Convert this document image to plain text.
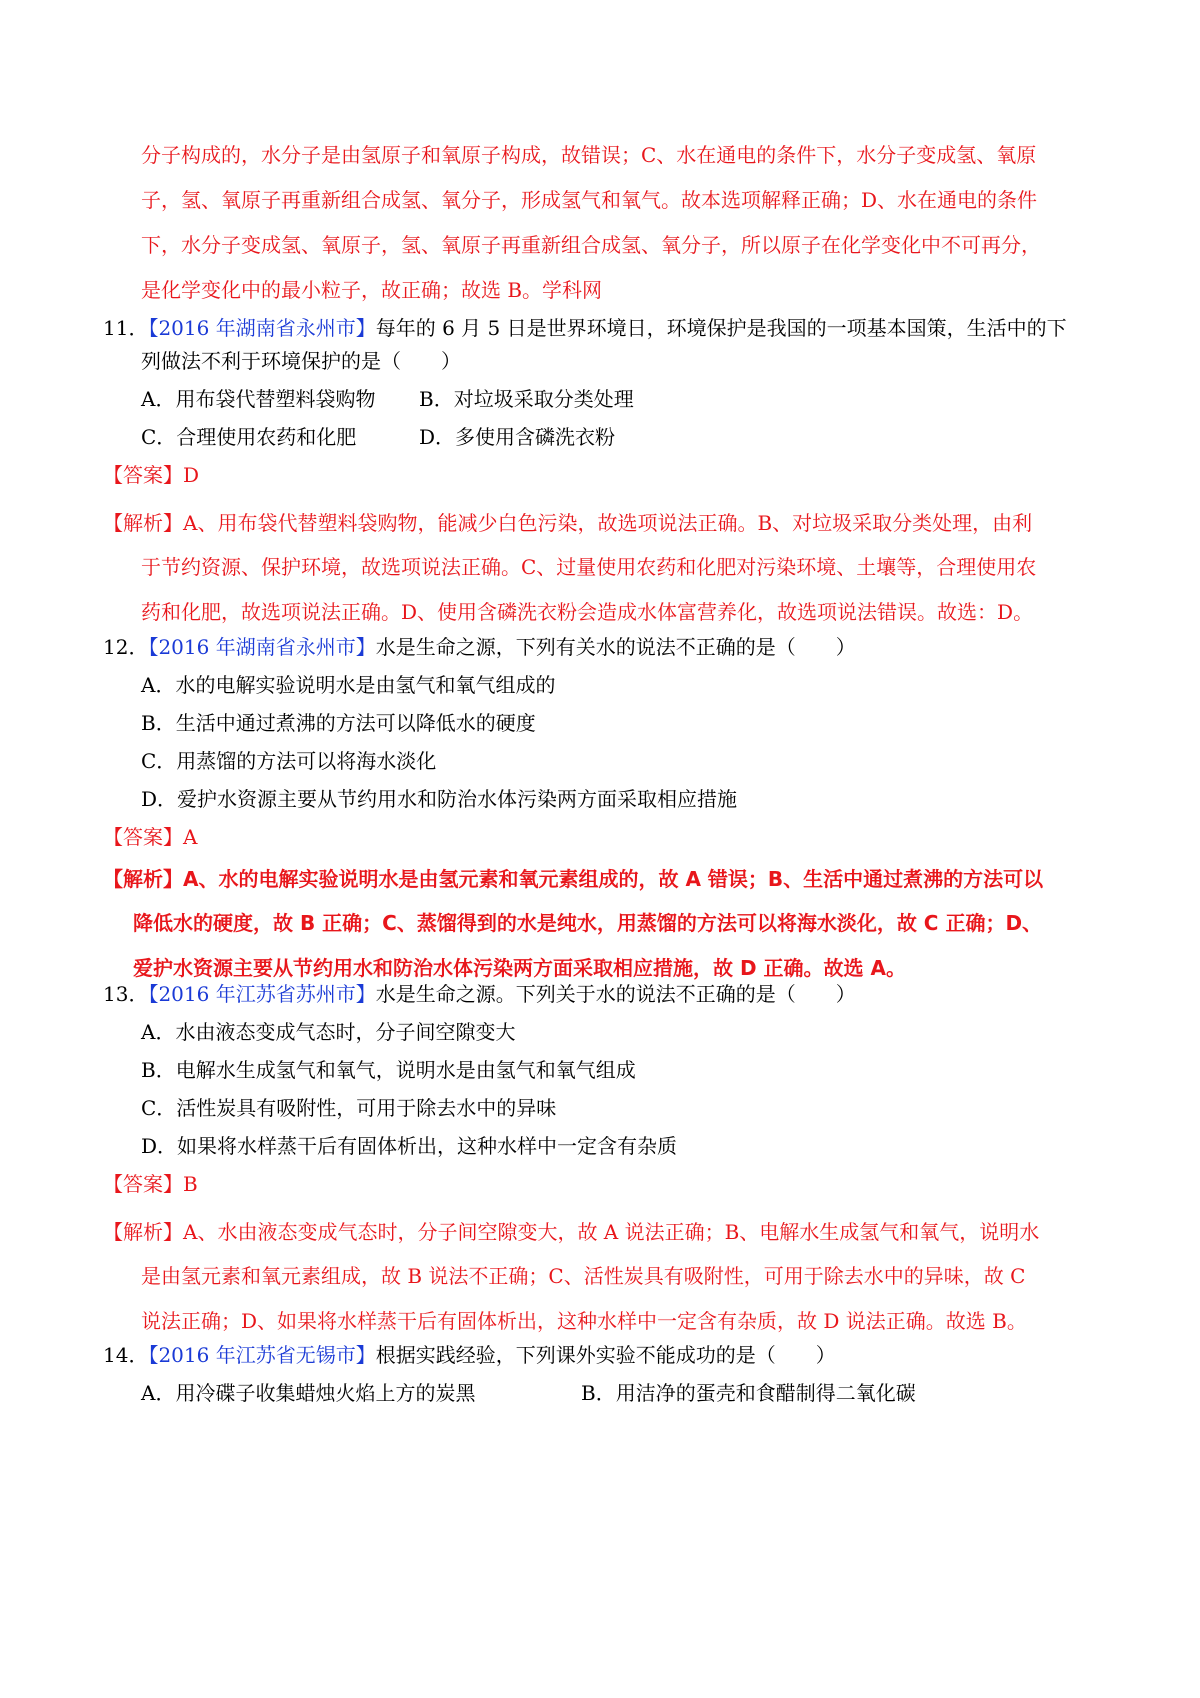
分子构成的，水分子是由氢原子和氧原子构成，故错误；C、水在通电的条件下，水分子变成氢、氧原
子，氢、氧原子再重新组合成氢、氧分子，形成氢气和氧气。故本选项解释正确；D、水在通电的条件
下，水分子变成氢、氧原子，氢、氧原子再重新组合成氢、氧分子，所以原子在化学变化中不可再分，
是化学变化中的最小粒子，故正确；故选 B。学科网
11．【2016 年湖南省永州市】每年的 6 月 5 日是世界环境日，环境保护是我国的一项基本国策，生活中的下
列做法不利于环境保护的是（　　）
A．用布袋代替塑料袋购物 B．对垃圾采取分类处理
C．合理使用农药和化肥	D．多使用含磷洗衣粉
【答案】D
【解析】A、用布袋代替塑料袋购物，能减少白色污染，故选项说法正确。B、对垃圾采取分类处理，由利
于节约资源、保护环境，故选项说法正确。C、过量使用农药和化肥对污染环境、土壤等，合理使用农
药和化肥，故选项说法正确。D、使用含磷洗衣粉会造成水体富营养化，故选项说法错误。故选：D。
12．【2016 年湖南省永州市】水是生命之源，下列有关水的说法不正确的是（　　）
A．水的电解实验说明水是由氢气和氧气组成的
B．生活中通过煮沸的方法可以降低水的硬度
C．用蒸馏的方法可以将海水淡化
D．爱护水资源主要从节约用水和防治水体污染两方面采取相应措施
【答案】A
【解析】A、水的电解实验说明水是由氢元素和氧元素组成的，故 A 错误；B、生活中通过煮沸的方法可以
降低水的硬度，故 B 正确；C、蒸馏得到的水是纯水，用蒸馏的方法可以将海水淡化，故 C 正确；D、
爱护水资源主要从节约用水和防治水体污染两方面采取相应措施，故 D 正确。故选 A。
13．【2016 年江苏省苏州市】水是生命之源。下列关于水的说法不正确的是（　　）
A．水由液态变成气态时，分子间空隙变大
B．电解水生成氢气和氧气，说明水是由氢气和氧气组成
C．活性炭具有吸附性，可用于除去水中的异味
D．如果将水样蒸干后有固体析出，这种水样中一定含有杂质
【答案】B
【解析】A、水由液态变成气态时，分子间空隙变大，故 A 说法正确；B、电解水生成氢气和氧气，说明水
是由氢元素和氧元素组成，故 B 说法不正确；C、活性炭具有吸附性，可用于除去水中的异味，故 C
说法正确；D、如果将水样蒸干后有固体析出，这种水样中一定含有杂质，故 D 说法正确。故选 B。
14．【2016 年江苏省无锡市】根据实践经验，下列课外实验不能成功的是（　　）
A．用冷碟子收集蜡烛火焰上方的炭黑	B．用洁净的蛋壳和食醋制得二氧化碳
